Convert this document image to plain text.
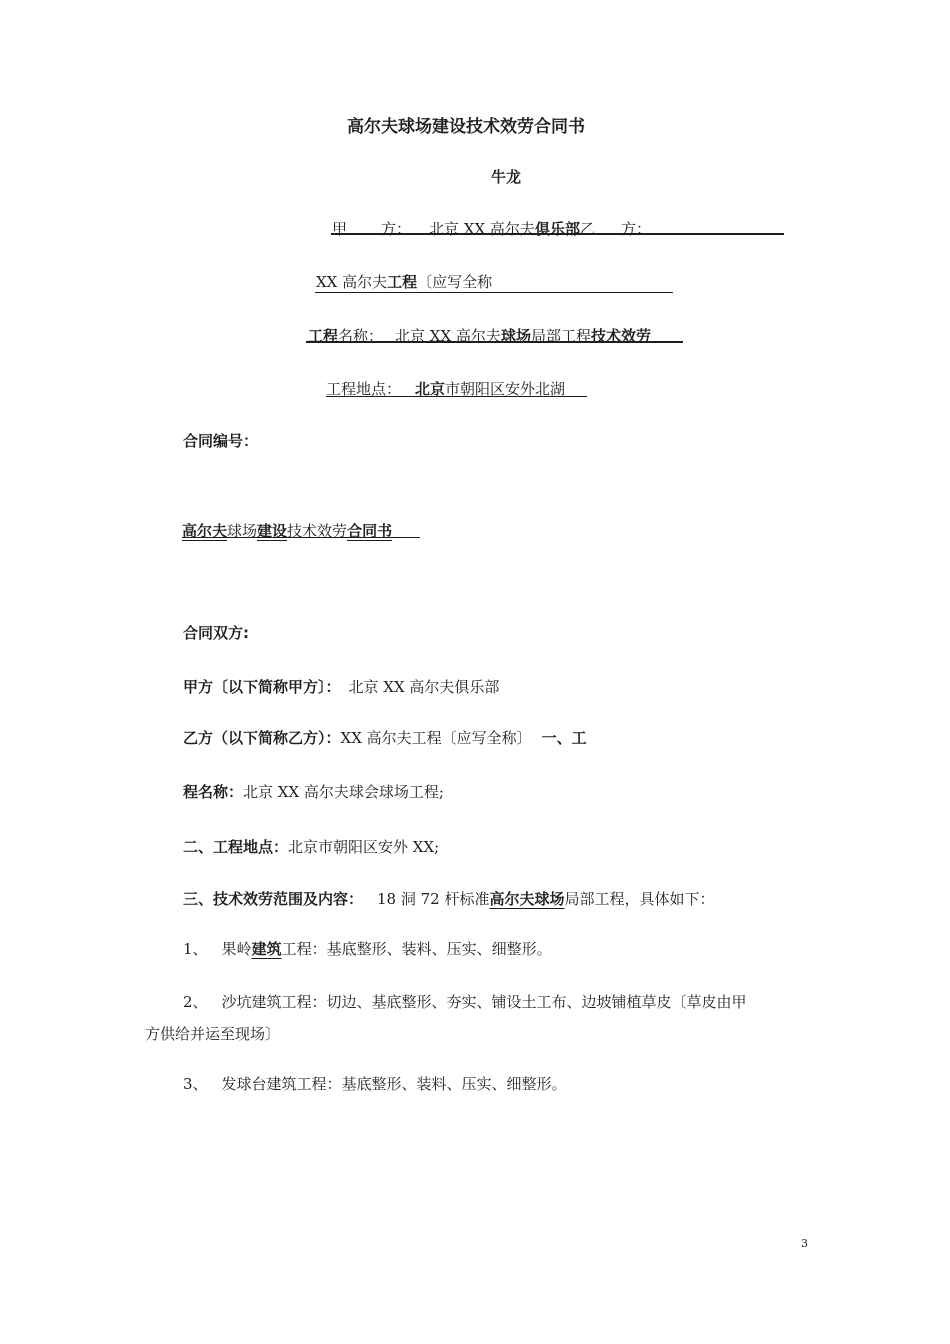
高尔夫球场建设技术效劳合同书
牛龙
甲 方： 北京 XX 高尔夫俱乐部乙 方：
XX 高尔夫工程〔应写全称
工程名称： 北京 XX 高尔夫球场局部工程技术效劳
工程地点： 北京市朝阳区安外北湖
合同编号：
高尔夫球场建设技术效劳合同书
合同双方:
甲方〔以下简称甲方〕： 北京 XX 高尔夫俱乐部
乙方（以下简称乙方）：XX 高尔夫工程〔应写全称〕 一、工
程名称：北京 XX 高尔夫球会球场工程;
二、工程地点：北京市朝阳区安外 XX;
三、技术效劳范围及内容： 18 洞 72 杆标准高尔夫球场局部工程，具体如下：
1、 果岭建筑工程：基底整形、装料、压实、细整形。
2、 沙坑建筑工程：切边、基底整形、夯实、铺设土工布、边坡铺植草皮〔草皮由甲
方供给并运至现场〕
3、 发球台建筑工程：基底整形、装料、压实、细整形。
3
